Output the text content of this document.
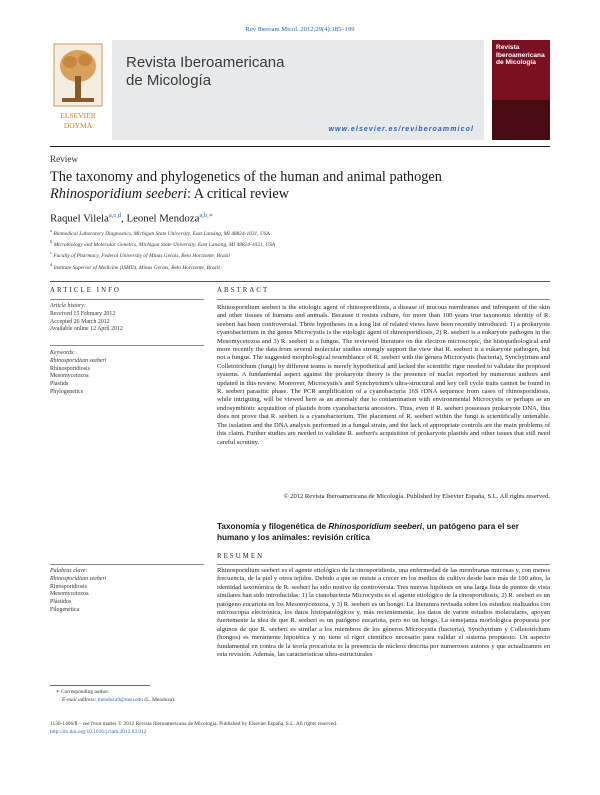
Rev Iberoam Micol. 2012;29(4):185–199
ELSEVIER
DOYMA
Revista Iberoamericana
de Micología
www.elsevier.es/reviberoammicol
Revista
Iberoamericana
de Micología
Review
The taxonomy and phylogenetics of the human and animal pathogen
Rhinosporidium seeberi: A critical review
Raquel Vilela$^{a,c,d}$, Leonel Mendoza$^{a,b,∗}$
$^a$ Biomedical Laboratory Diagnostics, Michigan State University, East Lansing, MI 48824-1031, USA
$^b$ Microbiology and Molecular Genetics, Michigan State University, East Lansing, MI 48824-1031, USA
$^c$ Faculty of Pharmacy, Federal University of Minas Gerais, Belo Horizonte, Brazil
$^d$ Institute Superior of Medicine (ISMD), Minas Gerais, Belo Horizonte, Brazil
ARTICLE INFO
Article history:
Received 15 February 2012
Accepted 26 March 2012
Available online 12 April 2012
Keywords:
Rhinosporidium seeberi
Rhinosporidiosis
Mesomycetozoa
Plastids
Phylogenetics
ABSTRACT
Rhinosporidium seeberi is the etiologic agent of rhinosporidiosis, a disease of mucous membranes and infrequent of the skin and other tissues of humans and animals. Because it resists culture, for more than 100 years true taxonomic identity of R. seeberi has been controversial. Three hypotheses in a long list of related views have been recently introduced: 1) a prokaryote cyanobacterium in the genus Microcystis is the etiologic agent of rhinosporidiosis, 2) R. seeberi is a eukaryote pathogen in the Mesomycetozoa and 3) R. seeberi is a fungus. The reviewed literature on the electron microscopic, the histopathological and more recently the data from several molecular studies strongly support the view that R. seeberi is a eukaryote pathogen, but not a fungus. The suggested morphological resemblance of R. seeberi with the genera Microcystis (bacteria), Synchytrium and Colletotrichum (fungi) by different teams is merely hypothetical and lacked the scientific rigor needed to validate the proposed systems. A fundamental aspect against the prokaryote theory is the presence of nuclei reported by numerous authors and updated in this review. Moreover, Microcystis's and Synchytrium's ultra-structural and key cell cycle traits cannot be found in R. seeberi parasitic phase. The PCR amplification of a cyanobacteria 16S rDNA sequence from cases of rhinosporidiosis, while intriguing, will be viewed here as an anomaly due to contamination with environmental Microcystis or perhaps as an endosymbiotic acquisition of plastids from cyanobacteria ancestors. Thus, even if R. seeberi possesses prokaryote DNA, this does not prove that R. seeberi is a cyanobacterium. The placement of R. seeberi within the fungi is scientifically untenable. The isolation and the DNA analysis performed in a fungal strain, and the lack of appropriate controls are the main problems of this claim. Further studies are needed to validate R. seeberi's acquisition of prokaryote plastids and other issues that still need careful scrutiny.
© 2012 Revista Iberoamericana de Micología. Published by Elsevier España, S.L. All rights reserved.
Taxonomía y filogenética de Rhinosporidium seeberi, un patógeno para el ser humano y los animales: revisión crítica
RESUMEN
Palabras clave:
Rhinosporidium seeberi
Rinosporidiosis
Mesomycetozoa
Plástidos
Filogenética
Rhinosporidium seeberi es el agente etiológico de la rinosporidiosis, una enfermedad de las membranas mucosas y, con menos frecuencia, de la piel y otros tejidos. Debido a que se resiste a crecer en los medios de cultivo desde hace más de 100 años, la identidad taxonómica de R. seeberi ha sido motivo de controversia. Tres nuevas hipótesis en una larga lista de puntos de vista similares han sido introducidas: 1) la cianobacteria Microcystis es el agente etiológico de la rinosporidiosis, 2) R. seeberi es un patógeno eucariota en los Mesomycetozoa, y 3) R. seeberi es un hongo. La literatura revisada sobre los estudios realizados con microscopía electrónica, los datos histopatológicos y, más recientemente, los datos de varios estudios moleculares, apoyan fuertemente la idea de que R. seeberi es un patógeno eucariota, pero no un hongo. La semejanza morfológica propuesta por algunos de que R. seeberi es similar a los miembros de los géneros Microcystis (bacteria), Synchytrium y Colletotrichum (hongos) es meramente hipotética y no tiene el rigor científico necesario para validar el sistema propuesto. Un aspecto fundamental en contra de la teoría procariota es la presencia de núcleos descrita por numerosos autores y que actualizamos en esta revisión. Además, las características ultra-estructurales
∗ Corresponding author.
E-mail address: mendoza9@msu.edu (L. Mendoza).
1130-1406/$ – see front matter © 2012 Revista Iberoamericana de Micología. Published by Elsevier España, S.L. All rights reserved.
http://dx.doi.org/10.1016/j.riam.2012.03.012
